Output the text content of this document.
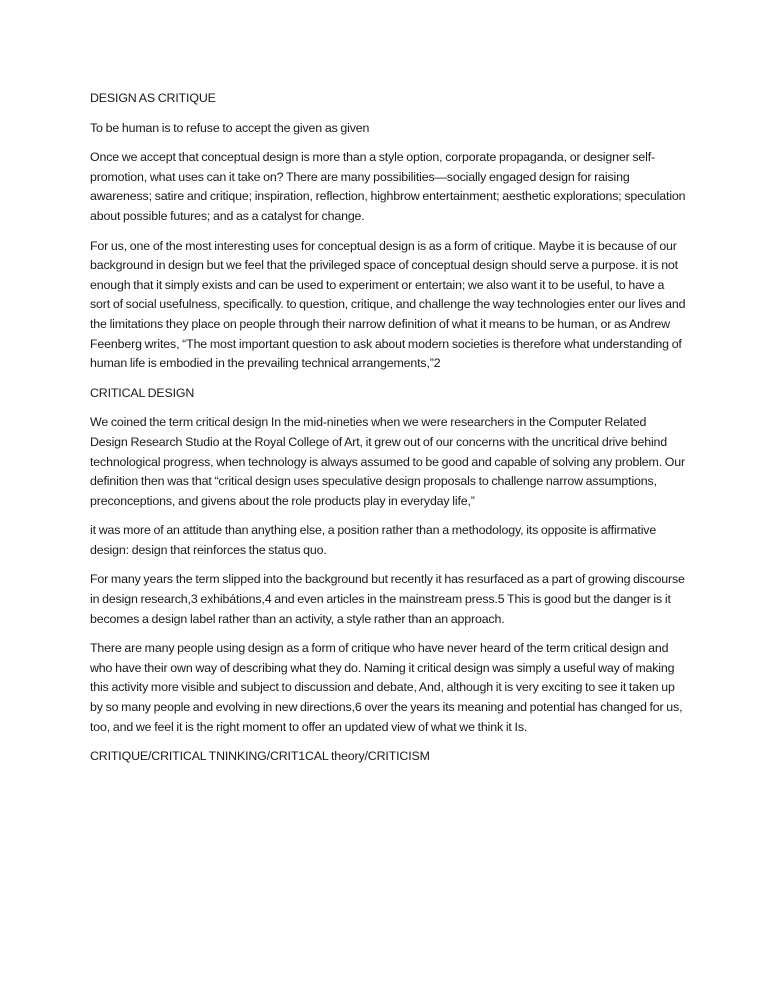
DESIGN AS CRITIQUE

To be human is to refuse to accept the given as given

Once we accept that conceptual design is more than a style option, corporate propaganda, or designer self-promotion, what uses can it take on? There are many possibilities—socially engaged design for raising awareness; satire and critique; inspiration, reflection, highbrow entertainment; aesthetic explorations; speculation about possible futures; and as a catalyst for change.

For us, one of the most interesting uses for conceptual design is as a form of critique. Maybe it is because of our background in design but we feel that the privileged space of conceptual design should serve a purpose. it is not enough that it simply exists and can be used to experiment or entertain; we also want it to be useful, to have a sort of social usefulness, specifically. to question, critique, and challenge the way technologies enter our lives and the limitations they place on people through their narrow definition of what it means to be human, or as Andrew Feenberg writes, “The most important question to ask about modern societies is therefore what understanding of human life is embodied in the prevailing technical arrangements,”2

CRITICAL DESIGN

We coined the term critical design In the mid-nineties when we were researchers in the Computer Related Design Research Studio at the Royal College of Art, it grew out of our concerns with the uncritical drive behind technological progress, when technology is always assumed to be good and capable of solving any problem. Our definition then was that “critical design uses speculative design proposals to challenge narrow assumptions, preconceptions, and givens about the role products play in everyday life,”

it was more of an attitude than anything else, a position rather than a methodology, its opposite is affirmative design: design that reinforces the status quo.

For many years the term slipped into the background but recently it has resurfaced as a part of growing discourse in design research,3 exhibátions,4 and even articles in the mainstream press.5 This is good but the danger is it becomes a design label rather than an activity, a style rather than an approach.

There are many people using design as a form of critique who have never heard of the term critical design and who have their own way of describing what they do. Naming it critical design was simply a useful way of making this activity more visible and subject to discussion and debate, And, although it is very exciting to see it taken up by so many people and evolving in new directions,6 over the years its meaning and potential has changed for us, too, and we feel it is the right moment to offer an updated view of what we think it Is.

CRITIQUE/CRITICAL TNINKING/CRIT1CAL theory/CRITICISM
